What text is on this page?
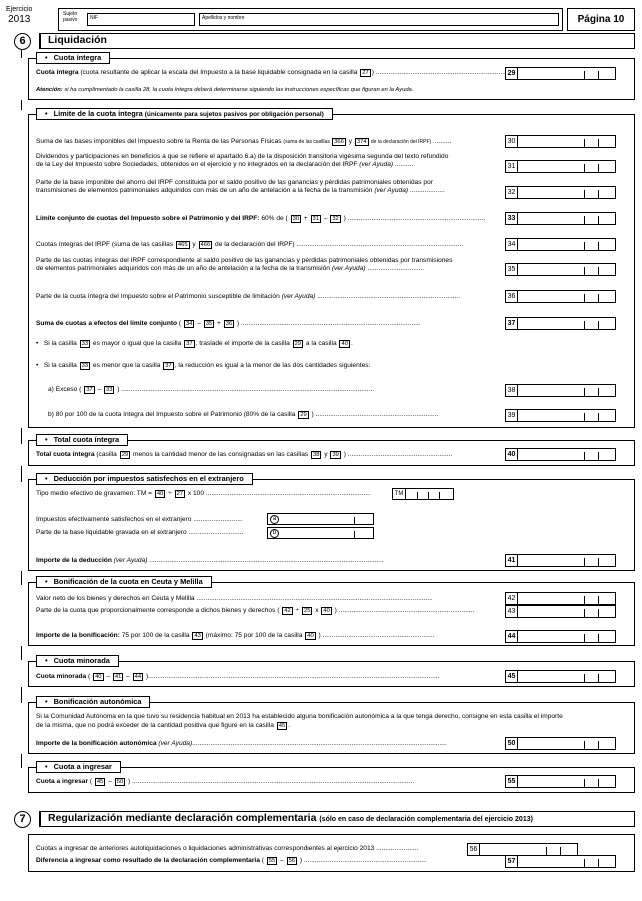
Ejercicio
2013	Sujeto
pasivo	NIF	Apellidos y nombre	Página 10
6	Liquidación
• Cuota íntegra
Cuota íntegra (cuota resultante de aplicar la escala del Impuesto a la base liquidable consignada en la casilla 27 ) ....................................................................... 29
Atención: si ha cumplimentado la casilla 28, la cuota íntegra deberá determinarse siguiendo las instrucciones específicas que figuran en la Ayuda.
• Límite de la cuota íntegra (únicamente para sujetos pasivos por obligación personal)
Suma de las bases imponibles del Impuesto sobre la Renta de las Personas Físicas (suma de las casillas 366 y 374 de la declaración del IRPF) ..........	30
Dividendos y participaciones en beneficios a que se refiere el apartado 6.a) de la disposición transitoria vigésima segunda del texto refundido
de la Ley del Impuesto sobre Sociedades, obtenidos en el ejercicio y no integrados en la declaración del IRPF (ver Ayuda) ..........	31
Parte de la base imponible del ahorro del IRPF constituida por el saldo positivo de las ganancias y pérdidas patrimoniales obtenidas por
transmisiones de elementos patrimoniales adquiridos con más de un año de antelación a la fecha de la transmisión (ver Ayuda) ...................	32
Límite conjunto de cuotas del Impuesto sobre el Patrimonio y del IRPF: 60% de ( 30 + 31 – 32 ) ...........................................................................	33
Cuotas íntegras del IRPF (suma de las casillas 465 y 466 de la declaración del IRPF) ...........................................................................................	34
Parte de las cuotas íntegras del IRPF correspondiente al saldo positivo de las ganancias y pérdidas patrimoniales obtenidas por transmisiones
de elementos patrimoniales adquiridos con más de un año de antelación a la fecha de la transmisión (ver Ayuda) ...............................	35
Parte de la cuota íntegra del Impuesto sobre el Patrimonio susceptible de limitación (ver Ayuda) ..............................................................................	36
Suma de cuotas a efectos del límite conjunto ( 34 – 35 + 36 ) ..................................................................................................	37
•   Si la casilla 33 es mayor o igual que la casilla 37 , traslade el importe de la casilla 29 a la casilla 40 .
•   Si la casilla 33 es menor que la casilla 37 , la reducción es igual a la menor de las dos cantidades siguientes:
a) Exceso ( 37 – 33 ) ..........................................................................................................................................	38
b) 80 por 100 de la cuota íntegra del Impuesto sobre el Patrimonio (80% de la casilla 29 ) ...................................................................	39
• Total cuota íntegra
Total cuota íntegra (casilla 29 menos la cantidad menor de las consignadas en las casillas 38 y 39 ) .........................................................	40
• Deducción por impuestos satisfechos en el extranjero
Tipo medio efectivo de gravamen: TM = 40 ÷ 27 x 100 ..........................................................................................	TM
Impuestos efectivamente satisfechos en el extranjero ...........................	a
Parte de la base liquidable gravada en el extranjero ..............................	b
Importe de la deducción (ver Ayuda) ................................................................................................................................	41
• Bonificación de la cuota en Ceuta y Melilla
Valor neto de los bienes y derechos en Ceuta y Melilla .................................................................................................................................	42
Parte de la cuota que proporcionalmente corresponde a dichos bienes y derechos ( 42 ÷ 25 x 40 ) ..........................................................................	43
Importe de la bonificación: 75 por 100 de la casilla 43 (máximo: 75 por 100 de la casilla 40 ) .............................................................	44
• Cuota minorada
Cuota minorada ( 40 – 41 – 44 )...............................................................................................................................................................	45
• Bonificación autonómica
Si la Comunidad Autónoma en la que tuvo su residencia habitual en 2013 ha establecido alguna bonificación autonómica a la que tenga derecho, consigne en esta casilla el importe
de la misma, que no podrá exceder de la cantidad positiva que figure en la casilla 45 .
Importe de la bonificación autonómica (ver Ayuda)...........................................................................................................................................	50
• Cuota a ingresar
Cuota a ingresar ( 45 – 50 ) ..........................................................................................................................................................	55
7	Regularización mediante declaración complementaria (sólo en caso de declaración complementaria del ejercicio 2013)
Cuotas a ingresar de anteriores autoliquidaciones o liquidaciones administrativas correspondientes al ejercicio 2013 .......................	56
Diferencia a ingresar como resultado de la declaración complementaria ( 55 – 56 ) ...................................................................	57
